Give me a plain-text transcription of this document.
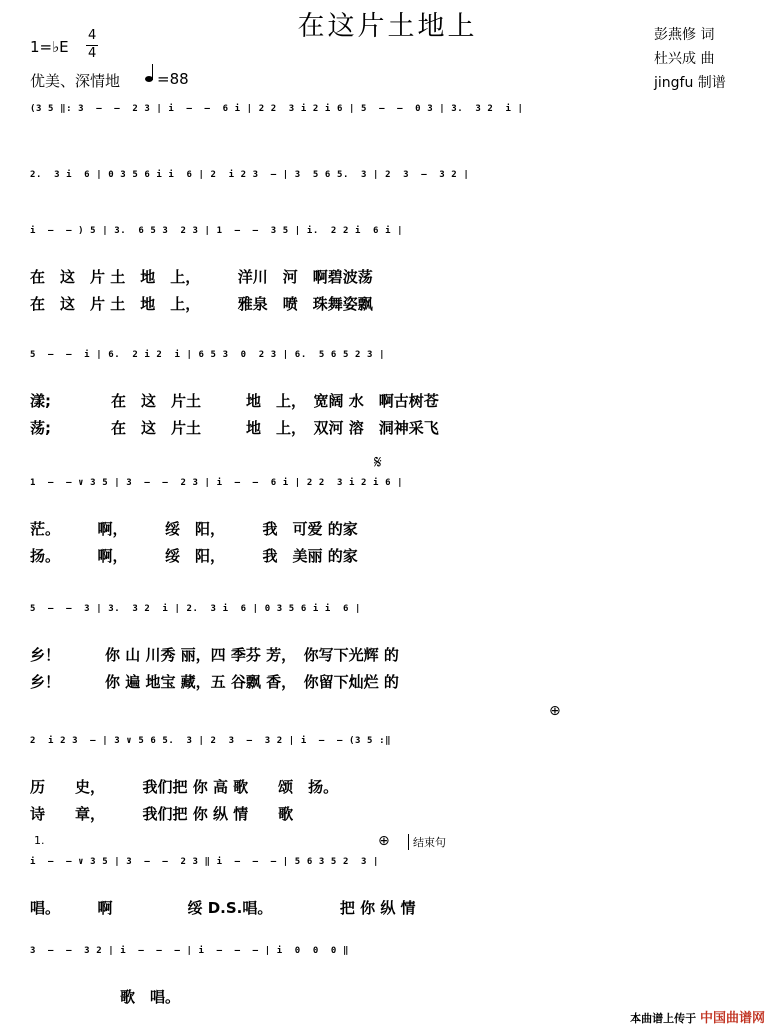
在这片土地上	彭燕修 词
杜兴成 曲
jingfu 制谱
1=♭E
4
4
优美、深情地 =88
(3 5 ‖: 3  –  –  2 3 | i  –  –  6 i | 2 2  3 i 2 i 6 | 5  –  –  0 3 | 3.  3 2  i |
2.  3 i  6 | 0 3 5 6 i i  6 | 2  i 2 3  – | 3  5 6 5.  3 | 2  3  –  3 2 |
i  –  – ) 5 | 3.  6 5 3  2 3 | 1  –  –  3 5 | i.  2 2 i  6 i |
在　这　片 土　地　上，　　　洋川　河　啊碧波荡
在　这　片 土　地　上，　　　雅泉　喷　珠舞姿飘
5  –  –  i | 6.  2 i 2  i | 6 5 3  0  2 3 | 6.  5 6 5 2 3 |
漾;　　　　在　这　片土　　　地　上，　宽阔 水　啊古树苍
荡;　　　　在　这　片土　　　地　上，　双河 溶　洞神采飞
1  –  – ∨ 3 5 | 3  –  –  2 3 | i  –  –  6 i | 2 2  3 i 2 i 6 |
茫。　　　啊，　　　绥　阳，　　　我　可爱 的家
扬。　　　啊，　　　绥　阳，　　　我　美丽 的家
5  –  –  3 | 3.  3 2  i | 2.  3 i  6 | 0 3 5 6 i i  6 |
乡！　　　你 山 川秀 丽，四 季芬 芳，　你写下光辉 的
乡！　　　你 遍 地宝 藏，五 谷飘 香，　你留下灿烂 的
2  i 2 3  – | 3 ∨ 5 6 5.  3 | 2  3  –  3 2 | i  –  – (3 5 :‖
历　　史，　　　我们把 你 高 歌　　颂　扬。
诗　　章，　　　我们把 你 纵 情　　歌
i  –  – ∨ 3 5 | 3  –  –  2 3 ‖ i  –  –  – | 5 6 3 5 2  3 |
唱。　　　啊　　　　　绥 D.S.唱。　　　　　把 你 纵 情
3  –  –  3 2 | i  –  –  – | i  –  –  – | i  0  0  0 ‖
　　　　　　歌　唱。
𝄋
⊕
⊕	结束句
1.
本曲谱上传于 中国曲谱网
